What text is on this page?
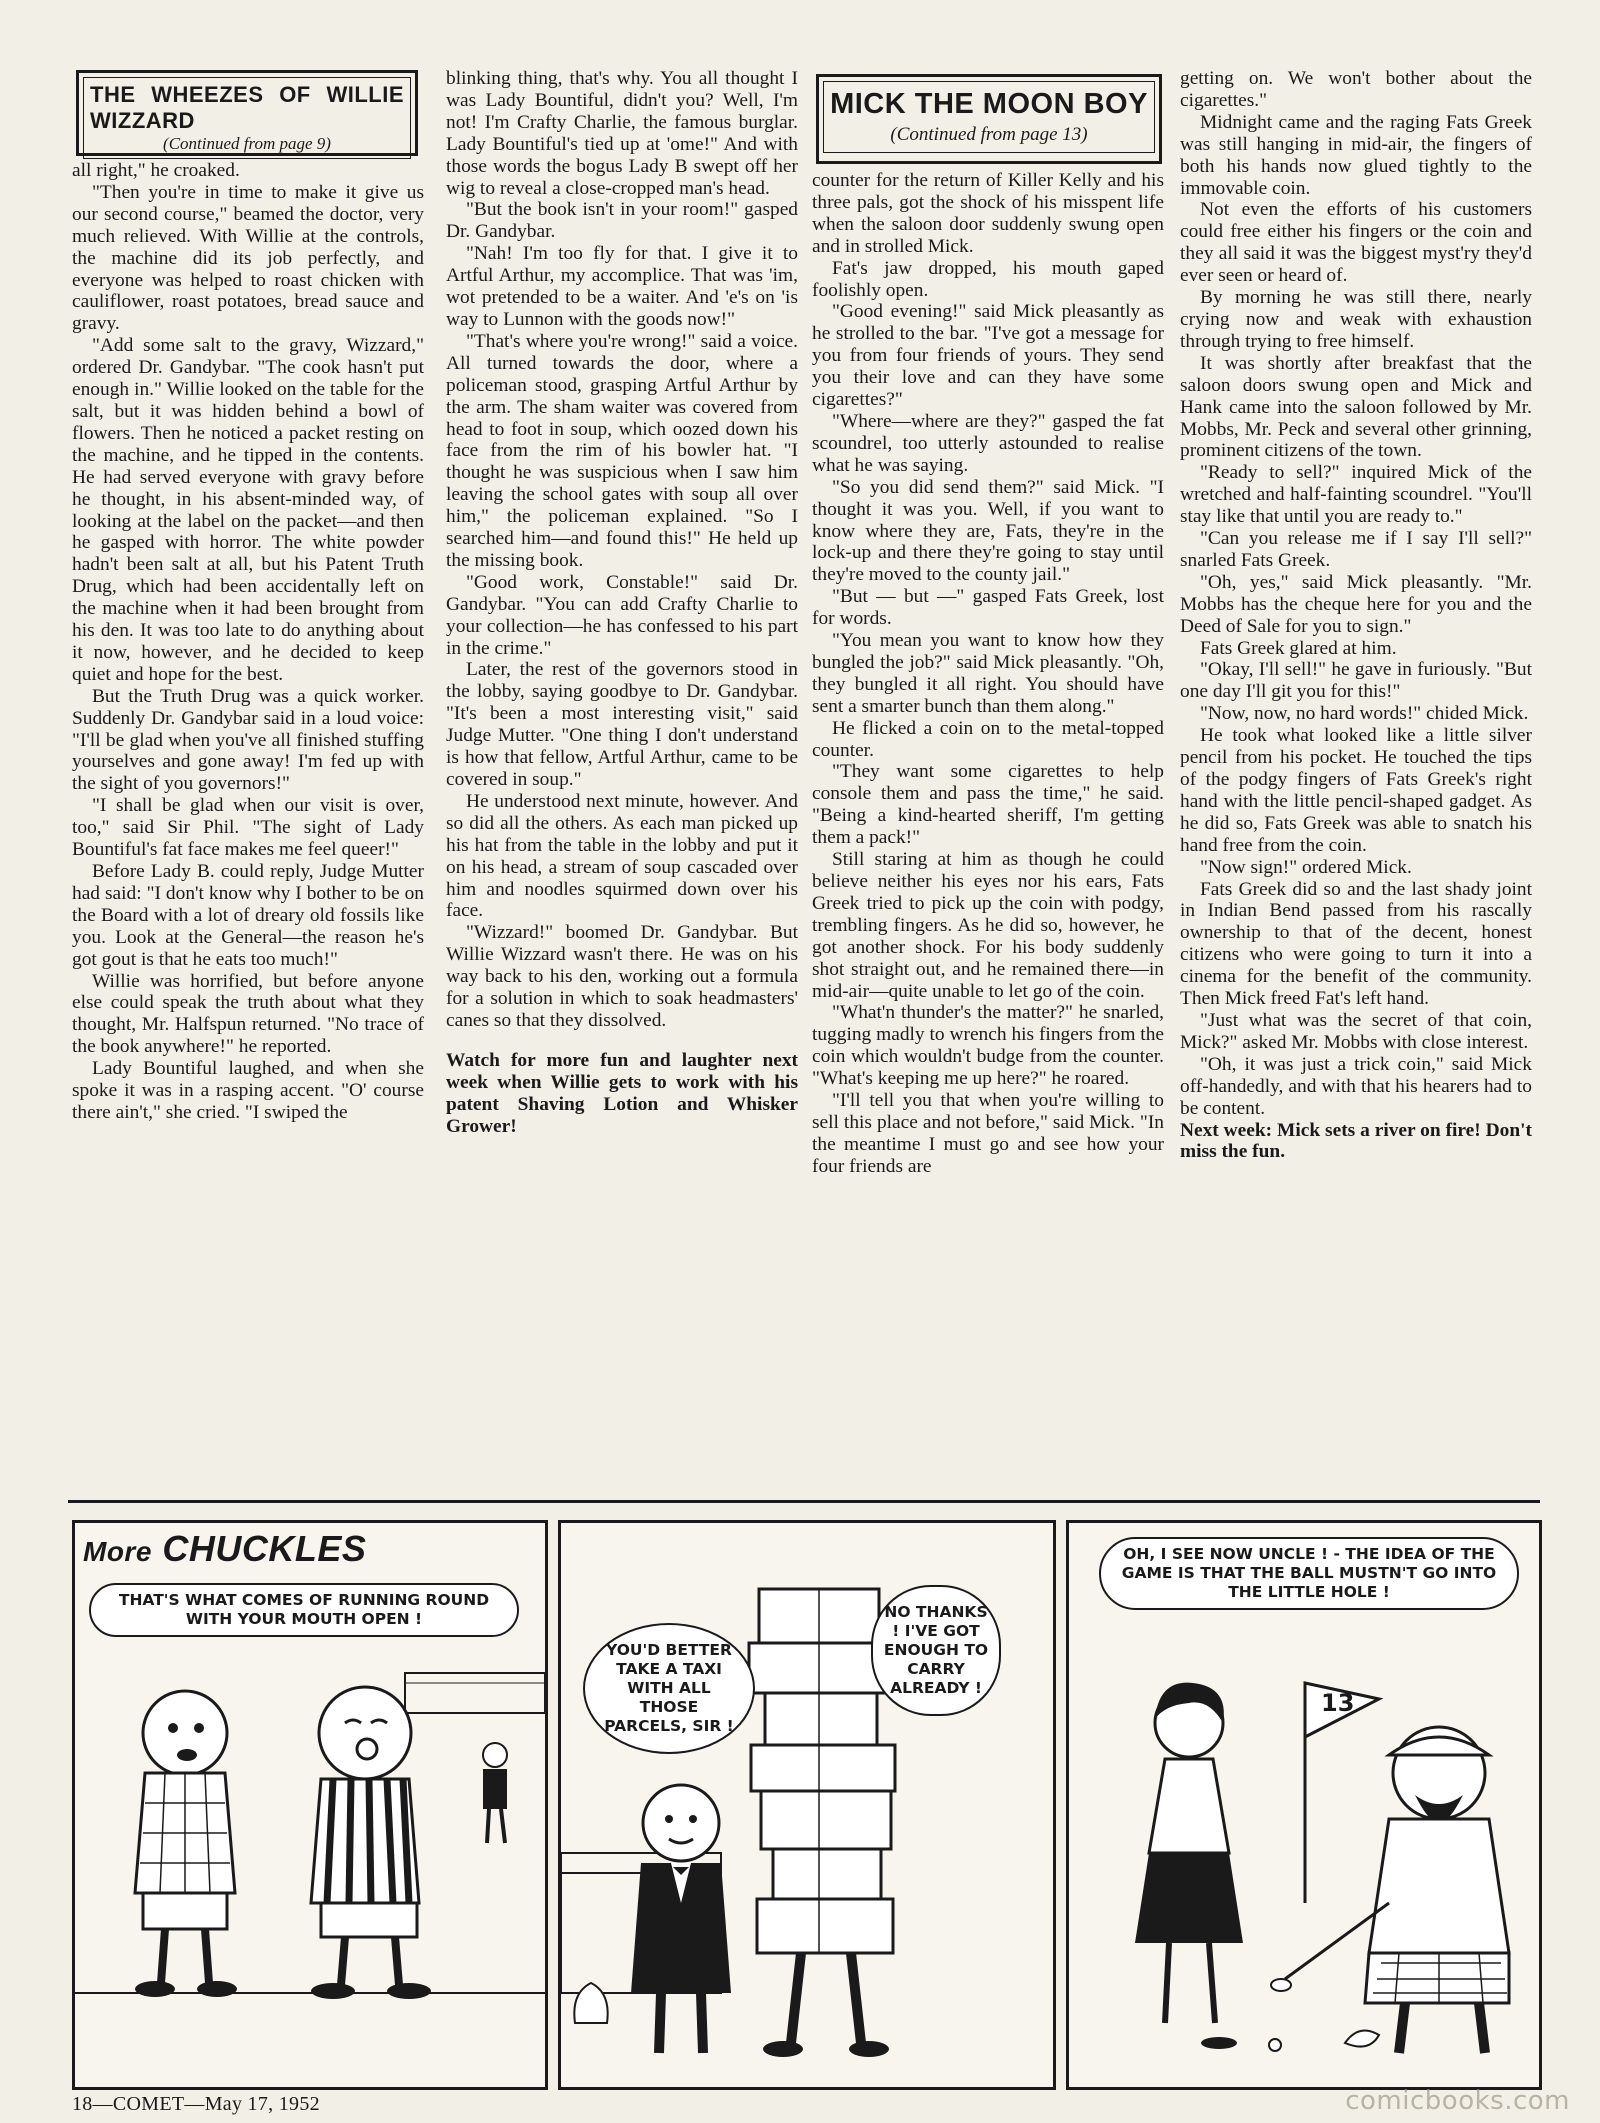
THE WHEEZES OF WILLIE WIZZARD
(Continued from page 9)

all right," he croaked.

"Then you're in time to make it give us our second course," beamed the doctor, very much relieved. With Willie at the controls, the machine did its job perfectly, and everyone was helped to roast chicken with cauliflower, roast potatoes, bread sauce and gravy.

"Add some salt to the gravy, Wizzard," ordered Dr. Gandybar. "The cook hasn't put enough in." Willie looked on the table for the salt, but it was hidden behind a bowl of flowers. Then he noticed a packet resting on the machine, and he tipped in the contents. He had served everyone with gravy before he thought, in his absent-minded way, of looking at the label on the packet—and then he gasped with horror. The white powder hadn't been salt at all, but his Patent Truth Drug, which had been accidentally left on the machine when it had been brought from his den. It was too late to do anything about it now, however, and he decided to keep quiet and hope for the best.

But the Truth Drug was a quick worker. Suddenly Dr. Gandybar said in a loud voice: "I'll be glad when you've all finished stuffing yourselves and gone away! I'm fed up with the sight of you governors!"

"I shall be glad when our visit is over, too," said Sir Phil. "The sight of Lady Bountiful's fat face makes me feel queer!"

Before Lady B. could reply, Judge Mutter had said: "I don't know why I bother to be on the Board with a lot of dreary old fossils like you. Look at the General—the reason he's got gout is that he eats too much!"

Willie was horrified, but before anyone else could speak the truth about what they thought, Mr. Halfspun returned. "No trace of the book anywhere!" he reported.

Lady Bountiful laughed, and when she spoke it was in a rasping accent. "O' course there ain't," she cried. "I swiped the

blinking thing, that's why. You all thought I was Lady Bountiful, didn't you? Well, I'm not! I'm Crafty Charlie, the famous burglar. Lady Bountiful's tied up at 'ome!" And with those words the bogus Lady B swept off her wig to reveal a close-cropped man's head.

"But the book isn't in your room!" gasped Dr. Gandybar.

"Nah! I'm too fly for that. I give it to Artful Arthur, my accomplice. That was 'im, wot pretended to be a waiter. And 'e's on 'is way to Lunnon with the goods now!"

"That's where you're wrong!" said a voice. All turned towards the door, where a policeman stood, grasping Artful Arthur by the arm. The sham waiter was covered from head to foot in soup, which oozed down his face from the rim of his bowler hat. "I thought he was suspicious when I saw him leaving the school gates with soup all over him," the policeman explained. "So I searched him—and found this!" He held up the missing book.

"Good work, Constable!" said Dr. Gandybar. "You can add Crafty Charlie to your collection—he has confessed to his part in the crime."

Later, the rest of the governors stood in the lobby, saying goodbye to Dr. Gandybar. "It's been a most interesting visit," said Judge Mutter. "One thing I don't understand is how that fellow, Artful Arthur, came to be covered in soup."

He understood next minute, however. And so did all the others. As each man picked up his hat from the table in the lobby and put it on his head, a stream of soup cascaded over him and noodles squirmed down over his face.

"Wizzard!" boomed Dr. Gandybar. But Willie Wizzard wasn't there. He was on his way back to his den, working out a formula for a solution in which to soak headmasters' canes so that they dissolved.

Watch for more fun and laughter next week when Willie gets to work with his patent Shaving Lotion and Whisker Grower!

MICK THE MOON BOY
(Continued from page 13)

counter for the return of Killer Kelly and his three pals, got the shock of his misspent life when the saloon door suddenly swung open and in strolled Mick.

Fat's jaw dropped, his mouth gaped foolishly open.

"Good evening!" said Mick pleasantly as he strolled to the bar. "I've got a message for you from four friends of yours. They send you their love and can they have some cigarettes?"

"Where—where are they?" gasped the fat scoundrel, too utterly astounded to realise what he was saying.

"So you did send them?" said Mick. "I thought it was you. Well, if you want to know where they are, Fats, they're in the lock-up and there they're going to stay until they're moved to the county jail."

"But — but —" gasped Fats Greek, lost for words.

"You mean you want to know how they bungled the job?" said Mick pleasantly. "Oh, they bungled it all right. You should have sent a smarter bunch than them along."

He flicked a coin on to the metal-topped counter.

"They want some cigarettes to help console them and pass the time," he said. "Being a kind-hearted sheriff, I'm getting them a pack!"

Still staring at him as though he could believe neither his eyes nor his ears, Fats Greek tried to pick up the coin with podgy, trembling fingers. As he did so, however, he got another shock. For his body suddenly shot straight out, and he remained there—in mid-air—quite unable to let go of the coin.

"What'n thunder's the matter?" he snarled, tugging madly to wrench his fingers from the coin which wouldn't budge from the counter. "What's keeping me up here?" he roared.

"I'll tell you that when you're willing to sell this place and not before," said Mick. "In the meantime I must go and see how your four friends are

getting on. We won't bother about the cigarettes."

Midnight came and the raging Fats Greek was still hanging in mid-air, the fingers of both his hands now glued tightly to the immovable coin.

Not even the efforts of his customers could free either his fingers or the coin and they all said it was the biggest myst'ry they'd ever seen or heard of.

By morning he was still there, nearly crying now and weak with exhaustion through trying to free himself.

It was shortly after breakfast that the saloon doors swung open and Mick and Hank came into the saloon followed by Mr. Mobbs, Mr. Peck and several other grinning, prominent citizens of the town.

"Ready to sell?" inquired Mick of the wretched and half-fainting scoundrel. "You'll stay like that until you are ready to."

"Can you release me if I say I'll sell?" snarled Fats Greek.

"Oh, yes," said Mick pleasantly. "Mr. Mobbs has the cheque here for you and the Deed of Sale for you to sign."

Fats Greek glared at him.

"Okay, I'll sell!" he gave in furiously. "But one day I'll git you for this!"

"Now, now, no hard words!" chided Mick.

He took what looked like a little silver pencil from his pocket. He touched the tips of the podgy fingers of Fats Greek's right hand with the little pencil-shaped gadget. As he did so, Fats Greek was able to snatch his hand free from the coin.

"Now sign!" ordered Mick.

Fats Greek did so and the last shady joint in Indian Bend passed from his rascally ownership to that of the decent, honest citizens who were going to turn it into a cinema for the benefit of the community. Then Mick freed Fat's left hand.

"Just what was the secret of that coin, Mick?" asked Mr. Mobbs with close interest.

"Oh, it was just a trick coin," said Mick off-handedly, and with that his hearers had to be content.

Next week: Mick sets a river on fire! Don't miss the fun.

More CHUCKLES
THAT'S WHAT COMES OF RUNNING ROUND WITH YOUR MOUTH OPEN !
YOU'D BETTER TAKE A TAXI WITH ALL THOSE PARCELS, SIR !
NO THANKS ! I'VE GOT ENOUGH TO CARRY ALREADY !
13
OH, I SEE NOW UNCLE ! - THE IDEA OF THE GAME IS THAT THE BALL MUSTN'T GO INTO THE LITTLE HOLE !
18—COMET—May 17, 1952	comicbooks.com
